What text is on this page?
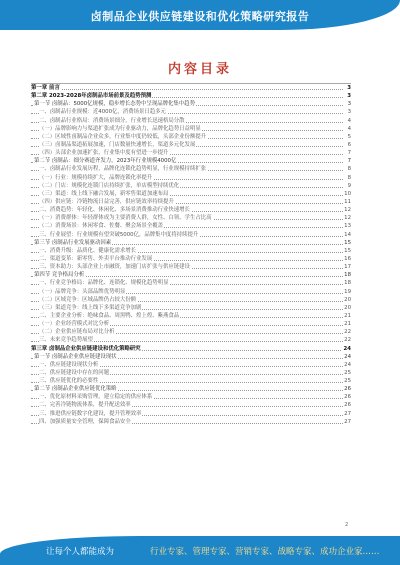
卤制品企业供应链建设和优化策略研究报告
内容目录
第一章 前言	3
第二章 2023-2028年卤制品市场前景及趋势预测	3
第一节 卤制品：5000亿规模，稳步增长态势中呈现品牌化集中趋势	3
一、卤制品行业规模：近4000亿，消费场景日趋多元	3
二、卤制品行业格局：消费场景细分，行业增长迅速格局分散	4
（一）品牌影响力与渠道扩张成为行业驱动力，品牌化趋势日益明显	4
（二）区域性卤制品企业众多，行业集中度仍较低，头部企业份额提升	5
（三）卤制品渠道拓展加速，门店数量快速增长，渠道多元化发展	6
（四）头部企业加速扩张，行业集中度有望进一步提升	7
第二节 卤制品：细分赛道齐发力，2023年行业规模4000亿	7
一、卤制品行业发展历程，品牌化连锁化趋势明显，行业规模持续扩张	8
（一）行业：规模持续扩大，品牌连锁化率提升	8
（二）门店：规模化连锁门店持续扩张，单店模型持续优化	9
（三）渠道：线上线下融合发展，新零售渠道加速布局	10
（四）供应链：冷链物流日益完善，供应链效率持续提升	11
二、消费趋势：年轻化、休闲化、多场景消费推动行业快速增长	12
（一）消费群体：年轻群体成为主要消费人群，女性、白领、学生占比高	12
（二）消费场景：休闲零食、佐餐、聚会场景全覆盖	13
三、行业展望：行业规模有望突破5000亿，品牌集中度将持续提升	14
第三节 卤制品行业发展驱动因素	15
一、消费升级：品质化、健康化需求增长	15
二、渠道变革：新零售、外卖平台推动行业发展	16
三、资本助力：头部企业上市融资，加速门店扩张与供应链建设	17
第四节 竞争格局分析	18
一、行业竞争格局：品牌化、连锁化、规模化趋势明显	18
（一）品牌竞争：头部品牌优势明显	19
（二）区域竞争：区域品牌仍占较大份额	20
（三）渠道竞争：线上线下多渠道竞争加剧	20
二、主要企业分析：绝味食品、周黑鸭、煌上煌、紫燕食品	21
（一）企业经营模式对比分析	21
（二）企业供应链布局对比分析	22
三、未来竞争趋势展望	22
第三章 卤制品企业供应链建设和优化策略研究	24
第一节 卤制品企业供应链建设现状	24
一、供应链建设现状分析	24
二、供应链建设中存在的问题	25
三、供应链优化的必要性	25
第二节 卤制品企业供应链优化策略	26
一、优化原材料采购管理，建立稳定的供应体系	26
二、完善冷链物流体系，提升配送效率	26
三、推进供应链数字化建设，提升管理效率	27
四、加强质量安全管理，保障食品安全	27
2
让每个人都能成为	行业专家、管理专家、营销专家、战略专家、成功企业家……
